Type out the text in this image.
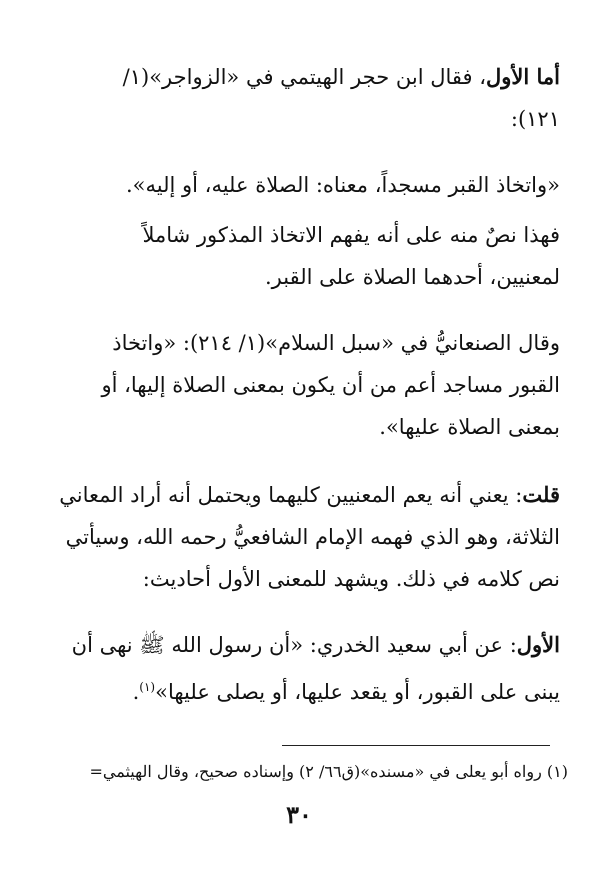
أما الأول، فقال ابن حجر الهيتمي في «الزواجر»(١/
١٢١):
«واتخاذ القبر مسجداً، معناه: الصلاة عليه، أو إليه».
فهذا نصٌ منه على أنه يفهم الاتخاذ المذكور شاملاً
لمعنيين، أحدهما الصلاة على القبر.
وقال الصنعانيُّ في «سبل السلام»(١/ ٢١٤): «واتخاذ
القبور مساجد أعم من أن يكون بمعنى الصلاة إليها، أو
بمعنى الصلاة عليها».
قلت: يعني أنه يعم المعنيين كليهما ويحتمل أنه أراد المعاني
الثلاثة، وهو الذي فهمه الإمام الشافعيُّ رحمه الله، وسيأتي
نص كلامه في ذلك. ويشهد للمعنى الأول أحاديث:
الأول: عن أبي سعيد الخدري: «أن رسول الله ﷺ نهى أن
يبنى على القبور، أو يقعد عليها، أو يصلى عليها»$^{(١)}$.
(١) رواه أبو يعلى في «مسنده»(ق٦٦/ ٢) وإسناده صحيح، وقال الهيثمي=
٣٠
